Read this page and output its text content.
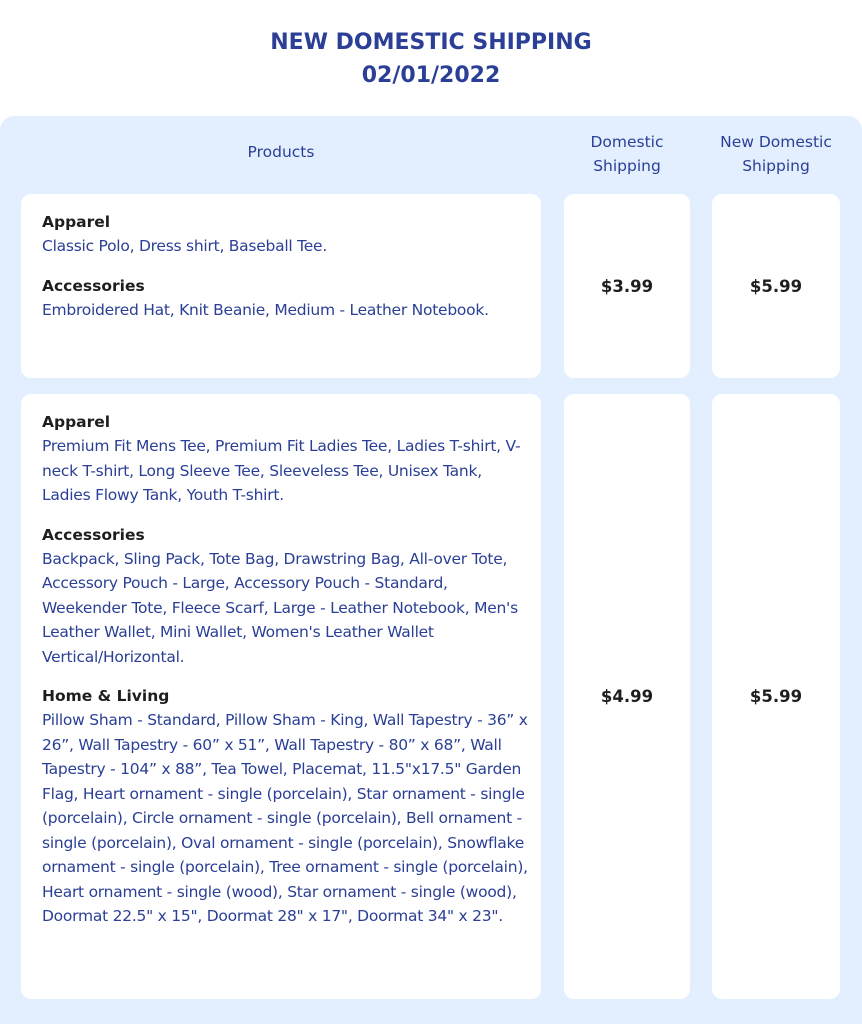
NEW DOMESTIC SHIPPING
02/01/2022
Products
Domestic
Shipping
New Domestic
Shipping
Apparel
Classic Polo, Dress shirt, Baseball Tee.
Accessories
Embroidered Hat, Knit Beanie, Medium - Leather Notebook.
$3.99	$5.99
Apparel
Premium Fit Mens Tee, Premium Fit Ladies Tee, Ladies T-shirt, V-neck T-shirt, Long Sleeve Tee, Sleeveless Tee, Unisex Tank, Ladies Flowy Tank, Youth T-shirt.
Accessories
Backpack, Sling Pack, Tote Bag, Drawstring Bag, All-over Tote, Accessory Pouch - Large, Accessory Pouch - Standard, Weekender Tote, Fleece Scarf, Large - Leather Notebook, Men's Leather Wallet, Mini Wallet, Women's Leather Wallet Vertical/Horizontal.
Home & Living
Pillow Sham - Standard, Pillow Sham - King, Wall Tapestry - 36” x 26”, Wall Tapestry - 60” x 51”, Wall Tapestry - 80” x 68”, Wall Tapestry - 104” x 88”, Tea Towel, Placemat, 11.5"x17.5" Garden Flag, Heart ornament - single (porcelain), Star ornament - single (porcelain), Circle ornament - single (porcelain), Bell ornament - single (porcelain), Oval ornament - single (porcelain), Snowflake ornament - single (porcelain), Tree ornament - single (porcelain), Heart ornament - single (wood), Star ornament - single (wood), Doormat 22.5" x 15", Doormat 28" x 17", Doormat 34" x 23".
$4.99	$5.99
